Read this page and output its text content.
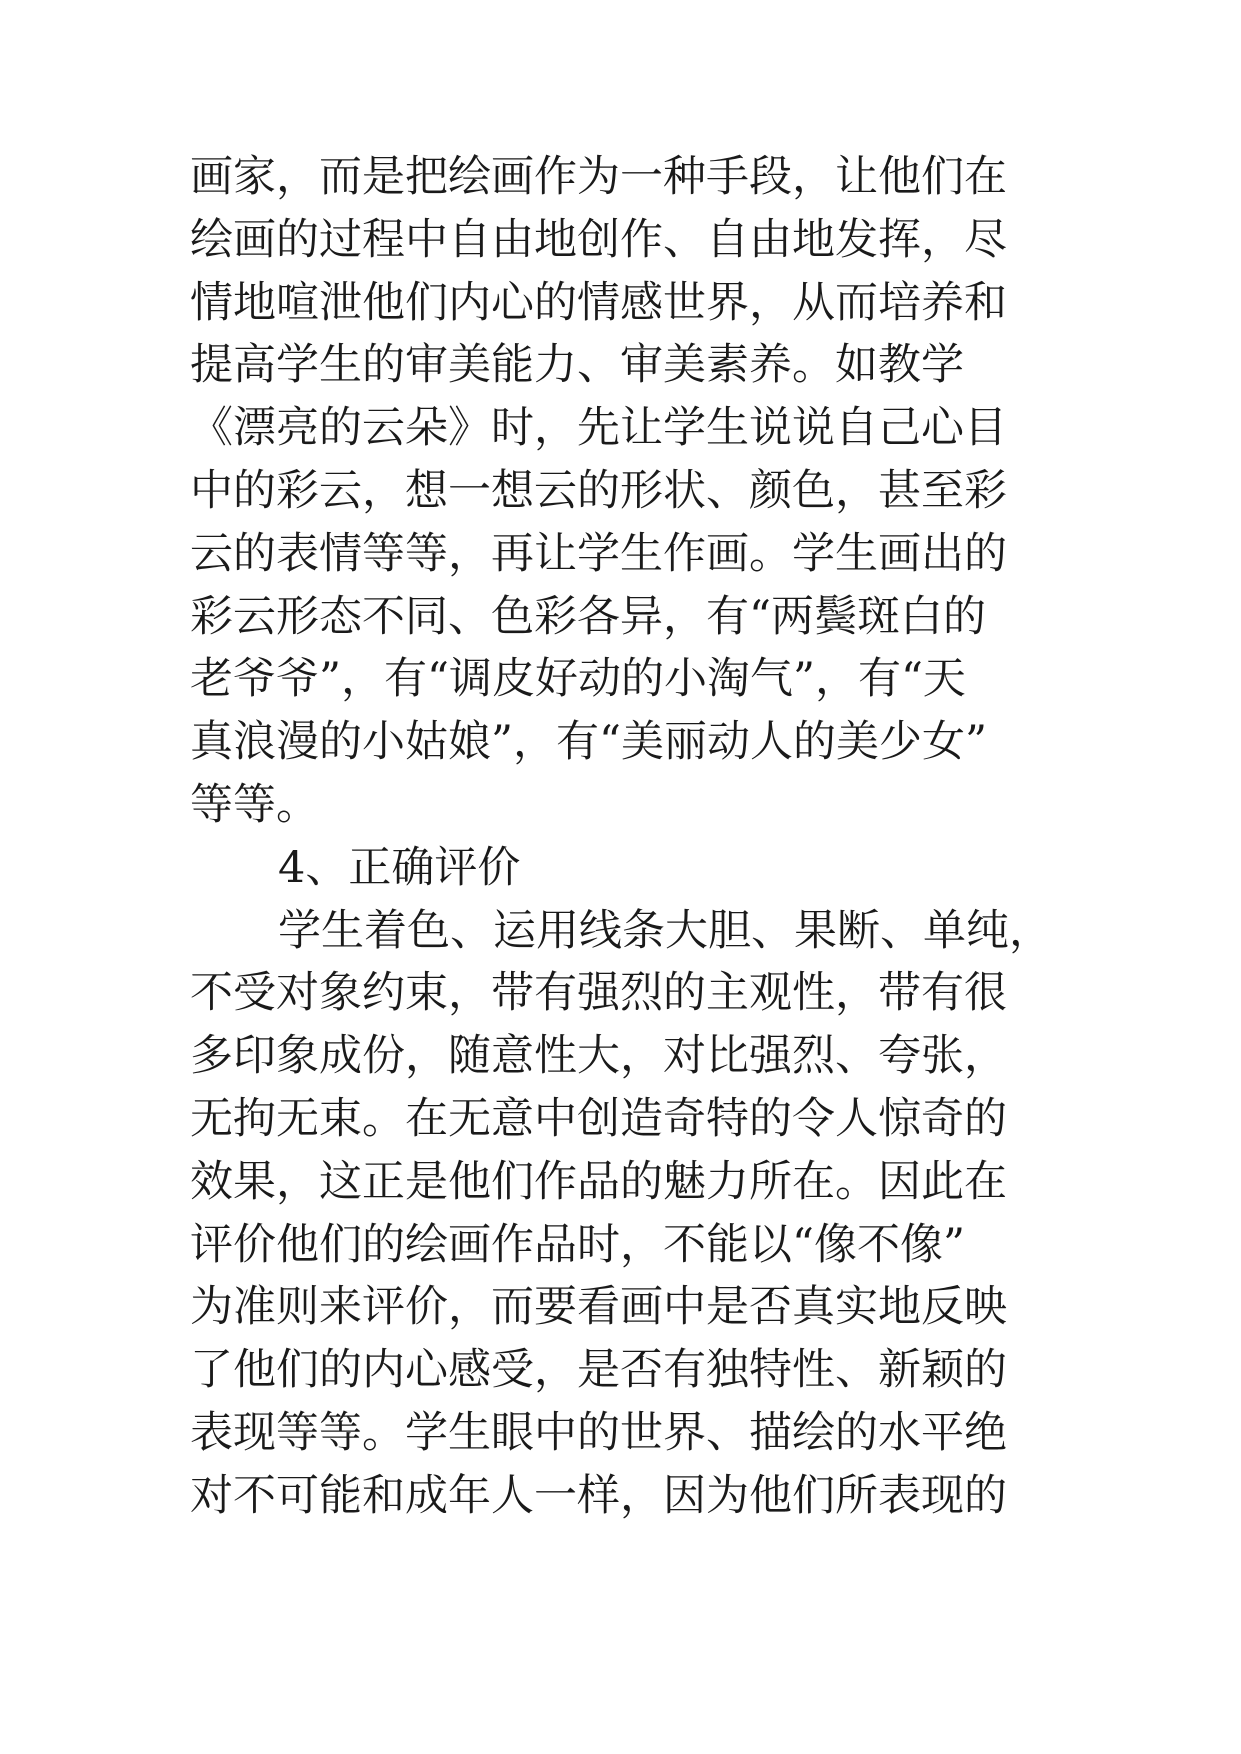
画家，而是把绘画作为一种手段，让他们在
绘画的过程中自由地创作、自由地发挥，尽
情地喧泄他们内心的情感世界，从而培养和
提高学生的审美能力、审美素养。如教学
《漂亮的云朵》时，先让学生说说自己心目
中的彩云，想一想云的形状、颜色，甚至彩
云的表情等等，再让学生作画。学生画出的
彩云形态不同、色彩各异，有“两鬓斑白的
老爷爷”，有“调皮好动的小淘气”，有“天
真浪漫的小姑娘”，有“美丽动人的美少女”
等等。
4、正确评价
学生着色、运用线条大胆、果断、单纯，
不受对象约束，带有强烈的主观性，带有很
多印象成份，随意性大，对比强烈、夸张，
无拘无束。在无意中创造奇特的令人惊奇的
效果，这正是他们作品的魅力所在。因此在
评价他们的绘画作品时，不能以“像不像”
为准则来评价，而要看画中是否真实地反映
了他们的内心感受，是否有独特性、新颖的
表现等等。学生眼中的世界、描绘的水平绝
对不可能和成年人一样，因为他们所表现的
